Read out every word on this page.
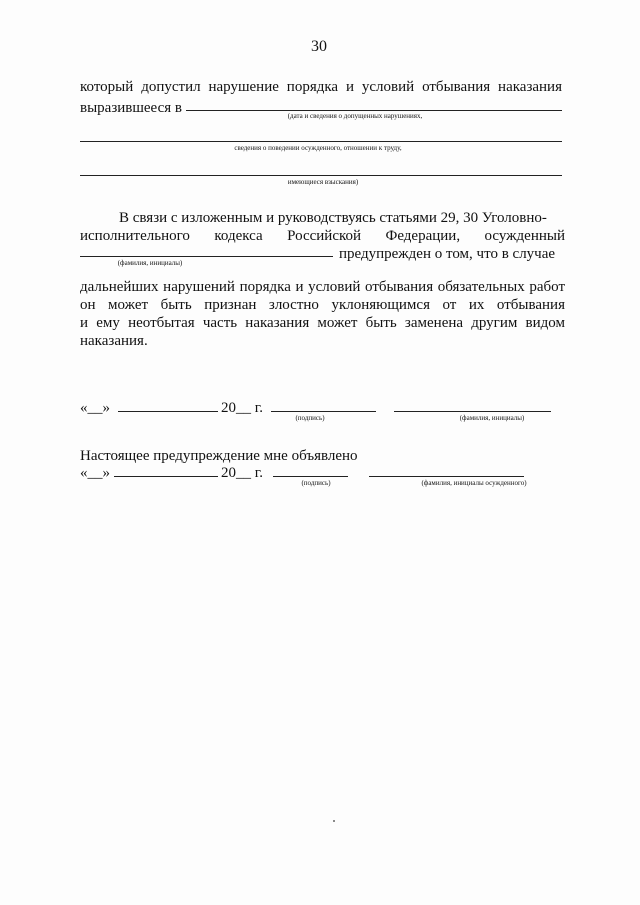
30
который допустил нарушение порядка и условий отбывания наказания
выразившееся в	(дата и сведения о допущенных нарушениях,
сведения о поведении осужденного, отношении к труду,
имеющиеся взыскания)
В связи с изложенным и руководствуясь статьями 29, 30 Уголовно-
исполнительного кодекса Российской Федерации, осужденный
предупрежден о том, что в случае
(фамилия, инициалы)
дальнейших нарушений порядка и условий отбывания обязательных работ
он может быть признан злостно уклоняющимся от их отбывания
и ему неотбытая часть наказания может быть заменена другим видом
наказания.
«__»	20__ г.
(подпись)	(фамилия, инициалы)
Настоящее предупреждение мне объявлено
«__»	20__ г.
(подпись)	(фамилия, инициалы осужденного)
